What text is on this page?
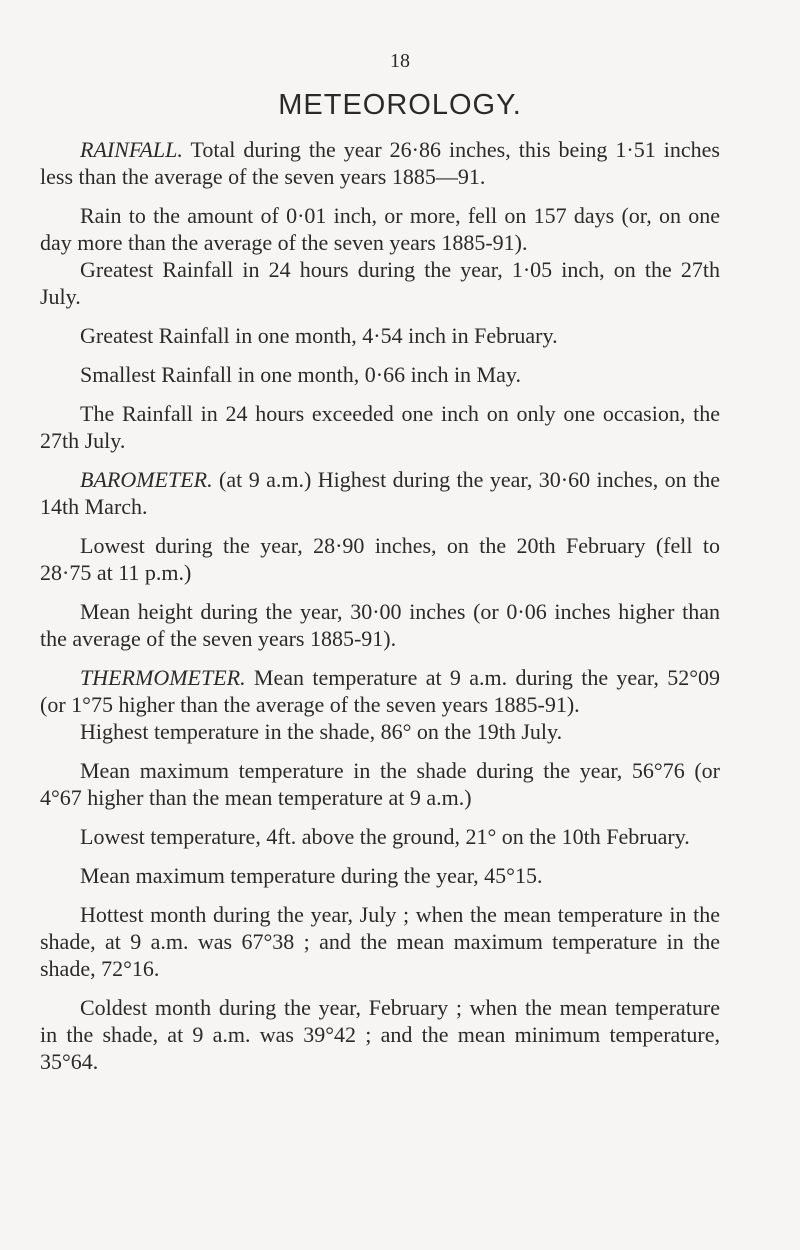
18
METEOROLOGY.

RAINFALL. Total during the year 26·86 inches, this being 1·51 inches less than the average of the seven years 1885—91.

Rain to the amount of 0·01 inch, or more, fell on 157 days (or, on one day more than the average of the seven years 1885-91).

Greatest Rainfall in 24 hours during the year, 1·05 inch, on the 27th July.

Greatest Rainfall in one month, 4·54 inch in February.

Smallest Rainfall in one month, 0·66 inch in May.

The Rainfall in 24 hours exceeded one inch on only one occasion, the 27th July.

BAROMETER. (at 9 a.m.) Highest during the year, 30·60 inches, on the 14th March.

Lowest during the year, 28·90 inches, on the 20th February (fell to 28·75 at 11 p.m.)

Mean height during the year, 30·00 inches (or 0·06 inches higher than the average of the seven years 1885-91).

THERMOMETER. Mean temperature at 9 a.m. during the year, 52°09 (or 1°75 higher than the average of the seven years 1885-91).

Highest temperature in the shade, 86° on the 19th July.

Mean maximum temperature in the shade during the year, 56°76 (or 4°67 higher than the mean temperature at 9 a.m.)

Lowest temperature, 4ft. above the ground, 21° on the 10th February.

Mean maximum temperature during the year, 45°15.

Hottest month during the year, July ; when the mean temperature in the shade, at 9 a.m. was 67°38 ; and the mean maximum temperature in the shade, 72°16.

Coldest month during the year, February ; when the mean temperature in the shade, at 9 a.m. was 39°42 ; and the mean minimum temperature, 35°64.
